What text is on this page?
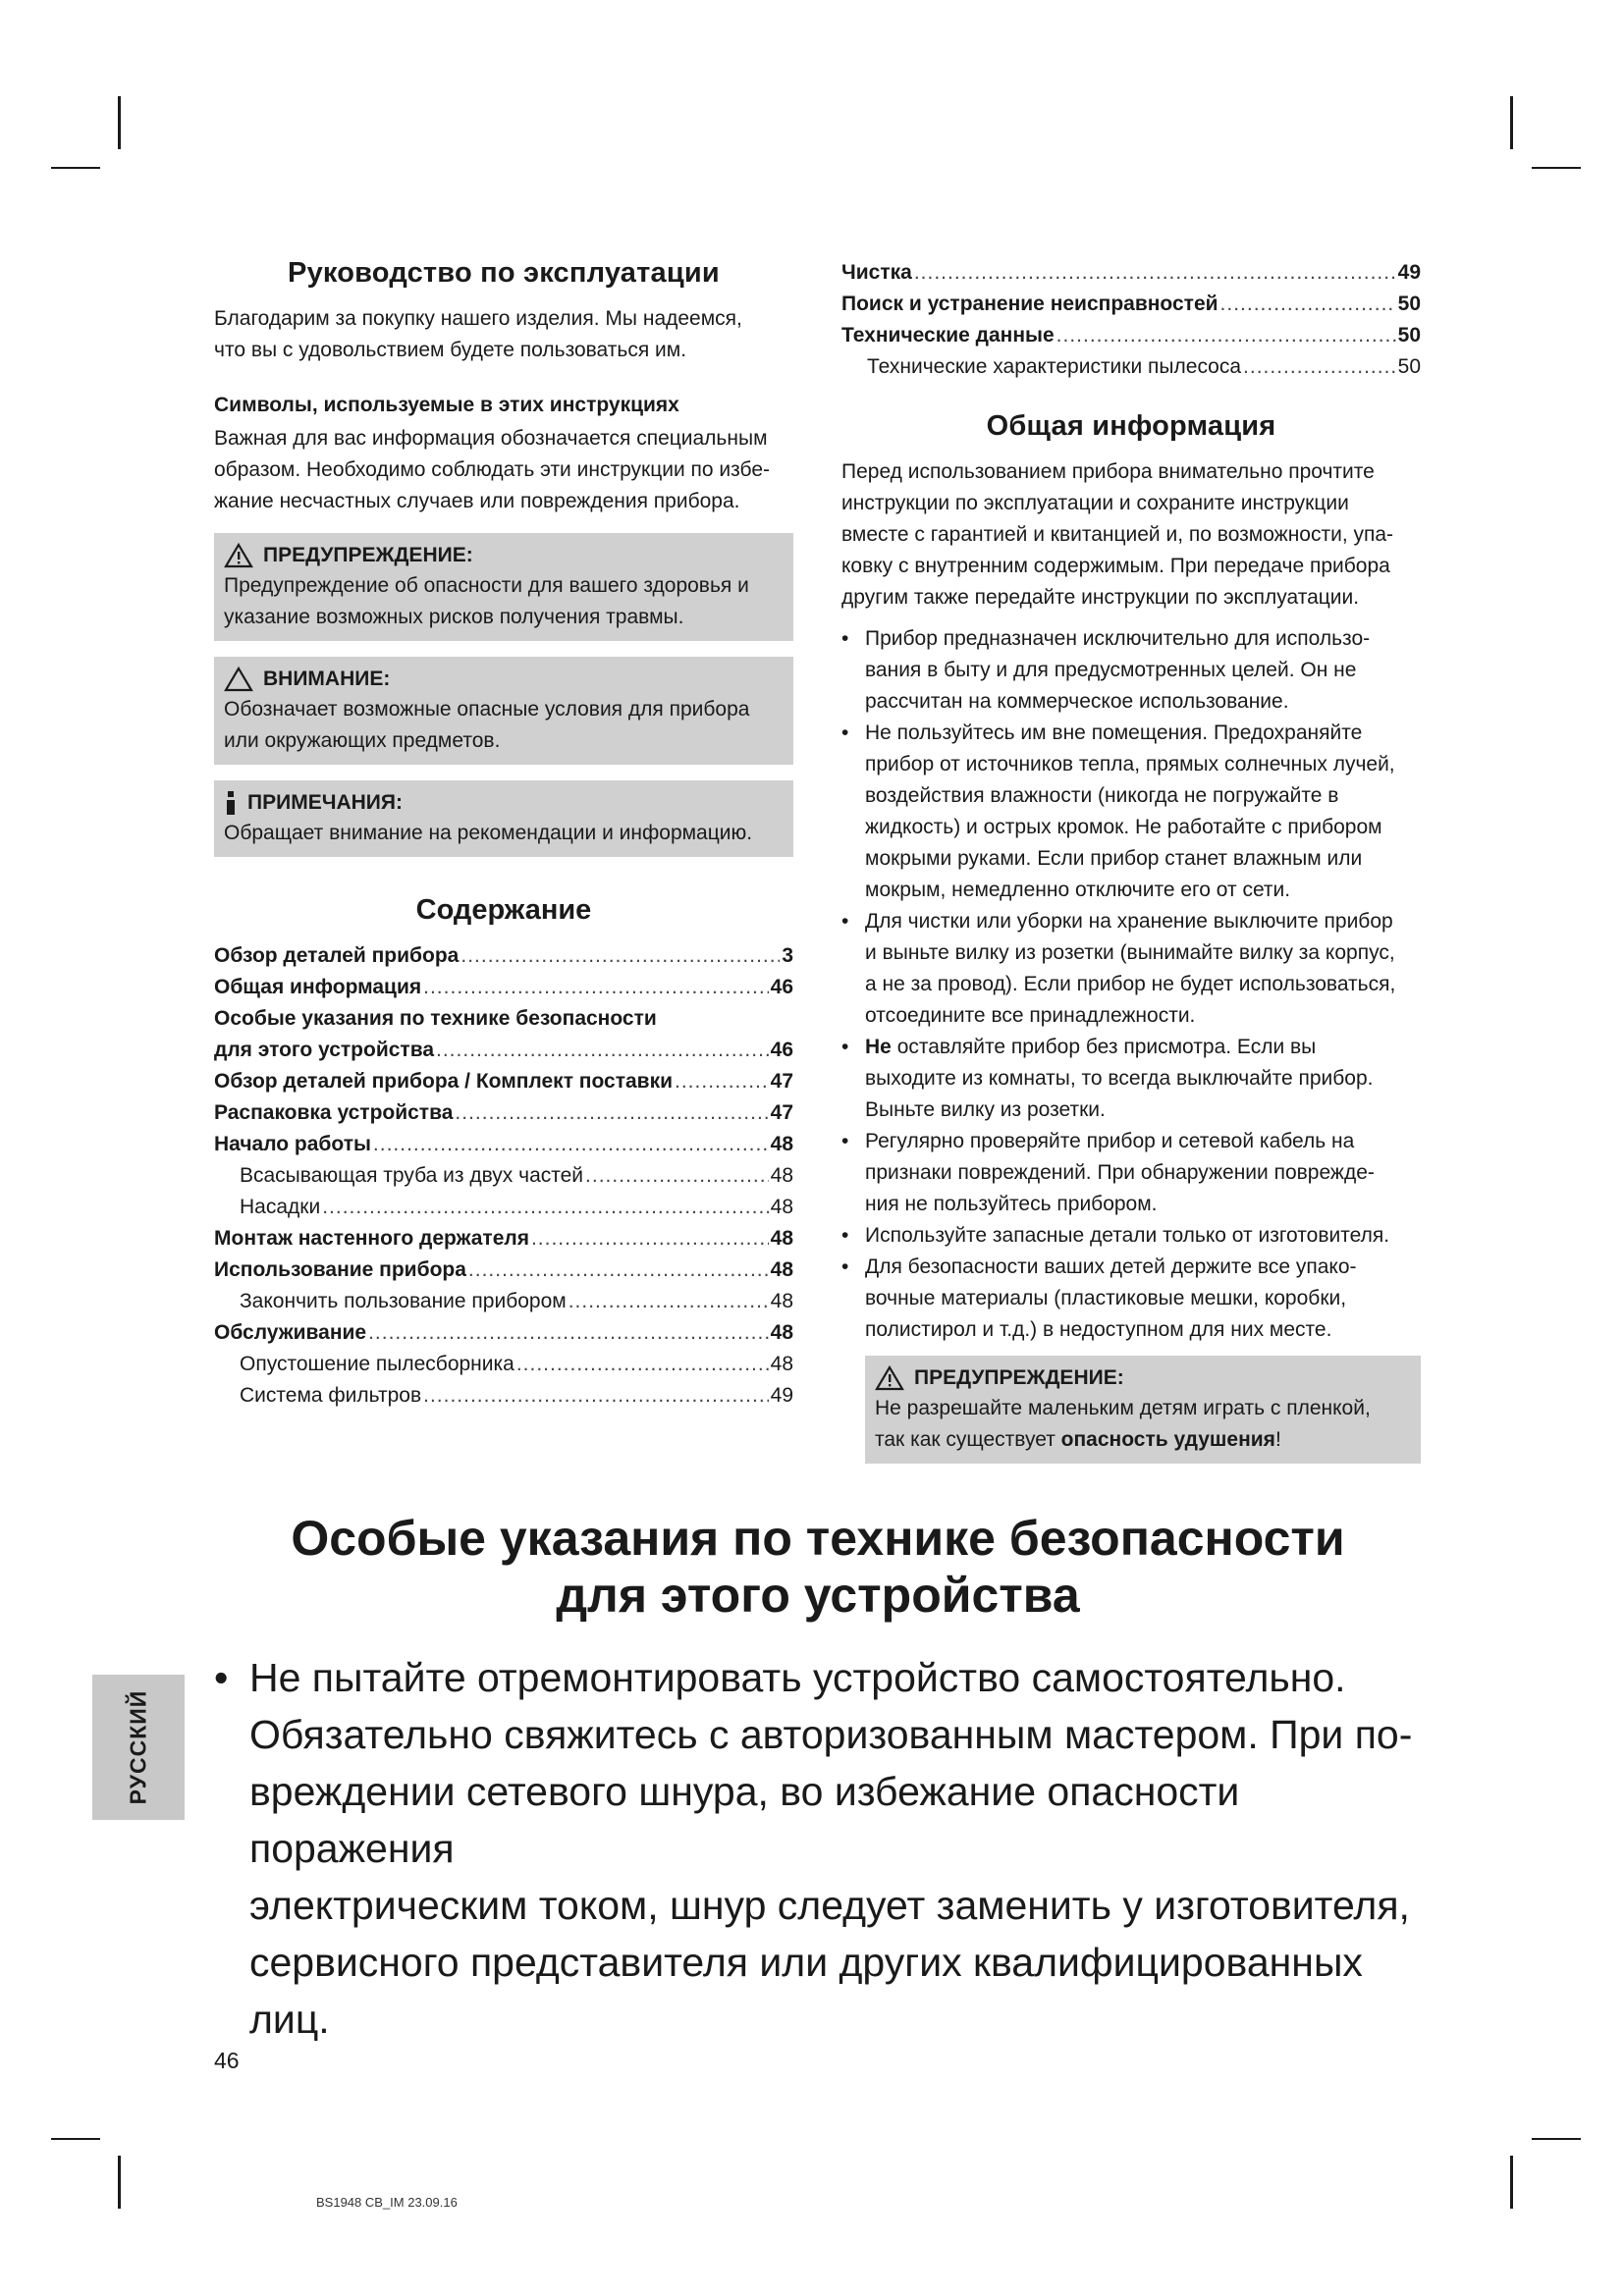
Руководство по эксплуатации

Благодарим за покупку нашего изделия. Мы надеемся,
что вы с удовольствием будете пользоваться им.

Символы, используемые в этих инструкциях

Важная для вас информация обозначается специальным
образом. Необходимо соблюдать эти инструкции по избе-
жание несчастных случаев или повреждения прибора.

ПРЕДУПРЕЖДЕНИЕ:
Предупреждение об опасности для вашего здоровья и
указание возможных рисков получения травмы.
ВНИМАНИЕ:
Обозначает возможные опасные условия для прибора
или окружающих предметов.
ПРИМЕЧАНИЯ:
Обращает внимание на рекомендации и информацию.
Содержание
Обзор деталей прибора .....	3
Общая информация .....	46
Особые указания по технике безопасности
для этого устройства .....	46
Обзор деталей прибора / Комплект поставки .....	47
Распаковка устройства .....	47
Начало работы .....	48
Всасывающая труба из двух частей .....	48
Насадки .....	48
Монтаж настенного держателя .....	48
Использование прибора .....	48
Закончить пользование прибором .....	48
Обслуживание .....	48
Опустошение пылесборника .....	48
Система фильтров .....	49
Чистка .....	49
Поиск и устранение неисправностей .....	50
Технические данные .....	50
Технические характеристики пылесоса .....	50
Общая информация

Перед использованием прибора внимательно прочтите
инструкции по эксплуатации и сохраните инструкции
вместе с гарантией и квитанцией и, по возможности, упа-
ковку с внутренним содержимым. При передаче прибора
другим также передайте инструкции по эксплуатации.

• Прибор предназначен исключительно для использо-
вания в быту и для предусмотренных целей. Он не
рассчитан на коммерческое использование.
• Не пользуйтесь им вне помещения. Предохраняйте
прибор от источников тепла, прямых солнечных лучей,
воздействия влажности (никогда не погружайте в
жидкость) и острых кромок. Не работайте с прибором
мокрыми руками. Если прибор станет влажным или
мокрым, немедленно отключите его от сети.
• Для чистки или уборки на хранение выключите прибор
и выньте вилку из розетки (вынимайте вилку за корпус,
а не за провод). Если прибор не будет использоваться,
отсоедините все принадлежности.
• Не оставляйте прибор без присмотра. Если вы
выходите из комнаты, то всегда выключайте прибор.
Выньте вилку из розетки.
• Регулярно проверяйте прибор и сетевой кабель на
признаки повреждений. При обнаружении поврежде-
ния не пользуйтесь прибором.
• Используйте запасные детали только от изготовителя.
• Для безопасности ваших детей держите все упако-
вочные материалы (пластиковые мешки, коробки,
полистирол и т.д.) в недоступном для них месте.
ПРЕДУПРЕЖДЕНИЕ:
Не разрешайте маленьким детям играть с пленкой,
так как существует опасность удушения!
Особые указания по технике безопасности
для этого устройства
• Не пытайте отремонтировать устройство самостоятельно.
Обязательно свяжитесь с авторизованным мастером. При по-
вреждении сетевого шнура, во избежание опасности поражения
электрическим током, шнур следует заменить у изготовителя,
сервисного представителя или других квалифицированных лиц.
РУССКИЙ
46
BS1948 CB_IM 23.09.16
